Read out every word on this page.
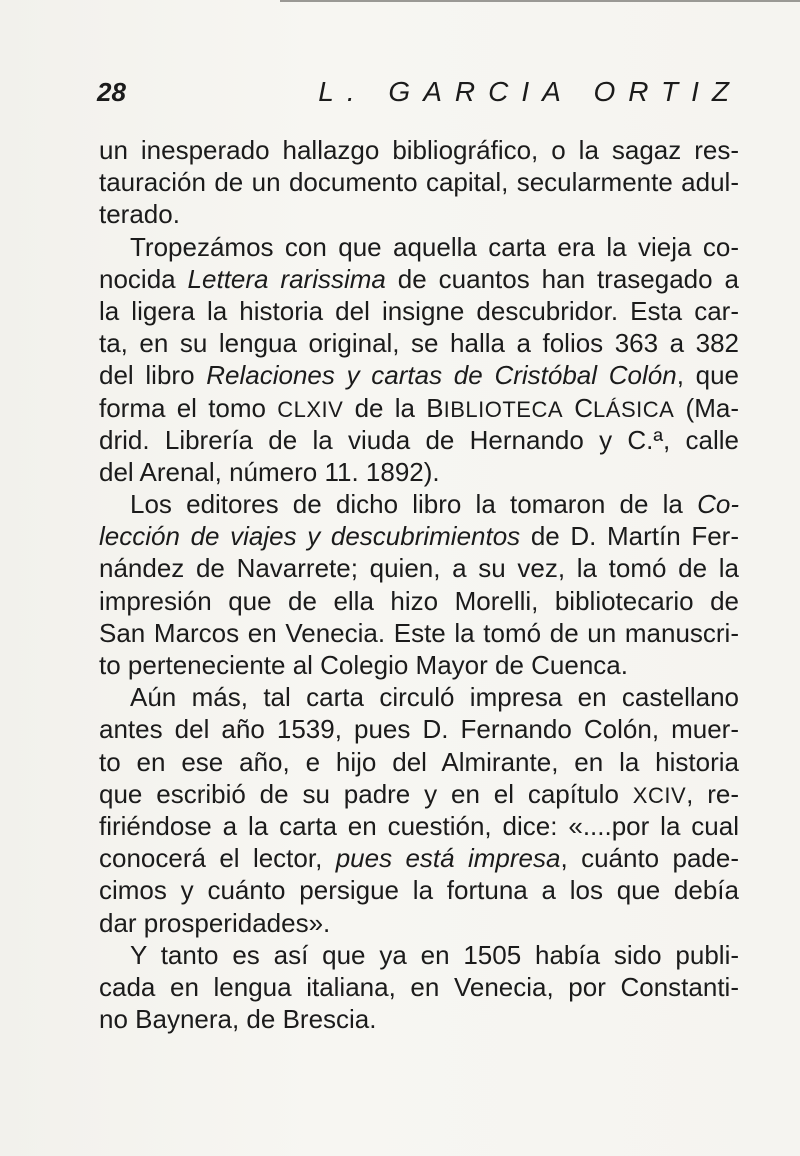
28	L. GARCIA ORTIZ
un inesperado hallazgo bibliográfico, o la sagaz res-
tauración de un documento capital, secularmente adul-
terado.
Tropezámos con que aquella carta era la vieja co-
nocida Lettera rarissima de cuantos han trasegado a
la ligera la historia del insigne descubridor. Esta car-
ta, en su lengua original, se halla a folios 363 a 382
del libro Relaciones y cartas de Cristóbal Colón, que
forma el tomo CLXIV de la BIBLIOTECA CLÁSICA (Ma-
drid. Librería de la viuda de Hernando y C.ª, calle
del Arenal, número 11. 1892).
Los editores de dicho libro la tomaron de la Co-
lección de viajes y descubrimientos de D. Martín Fer-
nández de Navarrete; quien, a su vez, la tomó de la
impresión que de ella hizo Morelli, bibliotecario de
San Marcos en Venecia. Este la tomó de un manuscri-
to perteneciente al Colegio Mayor de Cuenca.
Aún más, tal carta circuló impresa en castellano
antes del año 1539, pues D. Fernando Colón, muer-
to en ese año, e hijo del Almirante, en la historia
que escribió de su padre y en el capítulo XCIV, re-
firiéndose a la carta en cuestión, dice: «....por la cual
conocerá el lector, pues está impresa, cuánto pade-
cimos y cuánto persigue la fortuna a los que debía
dar prosperidades».
Y tanto es así que ya en 1505 había sido publi-
cada en lengua italiana, en Venecia, por Constanti-
no Baynera, de Brescia.
